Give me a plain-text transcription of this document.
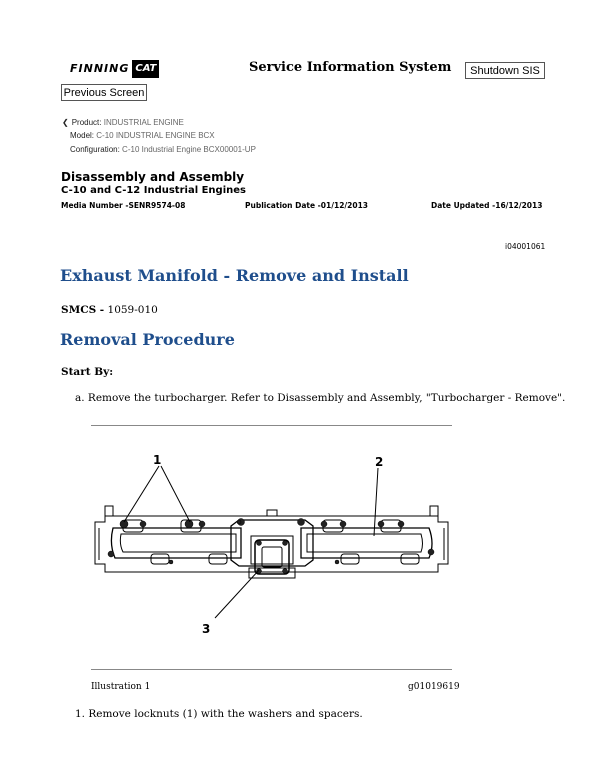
FINNING CAT	Service Information System	Shutdown SIS
Previous Screen
❮ Product: INDUSTRIAL ENGINE
Model: C-10 INDUSTRIAL ENGINE BCX
Configuration: C-10 Industrial Engine BCX00001-UP
Disassembly and Assembly
C-10 and C-12 Industrial Engines
Media Number -SENR9574-08	Publication Date -01/12/2013	Date Updated -16/12/2013
i04001061
Exhaust Manifold - Remove and Install
SMCS - 1059-010
Removal Procedure
Start By:
a. Remove the turbocharger. Refer to Disassembly and Assembly, "Turbocharger - Remove".
1	2
3
Illustration 1	g01019619
1. Remove locknuts (1) with the washers and spacers.
